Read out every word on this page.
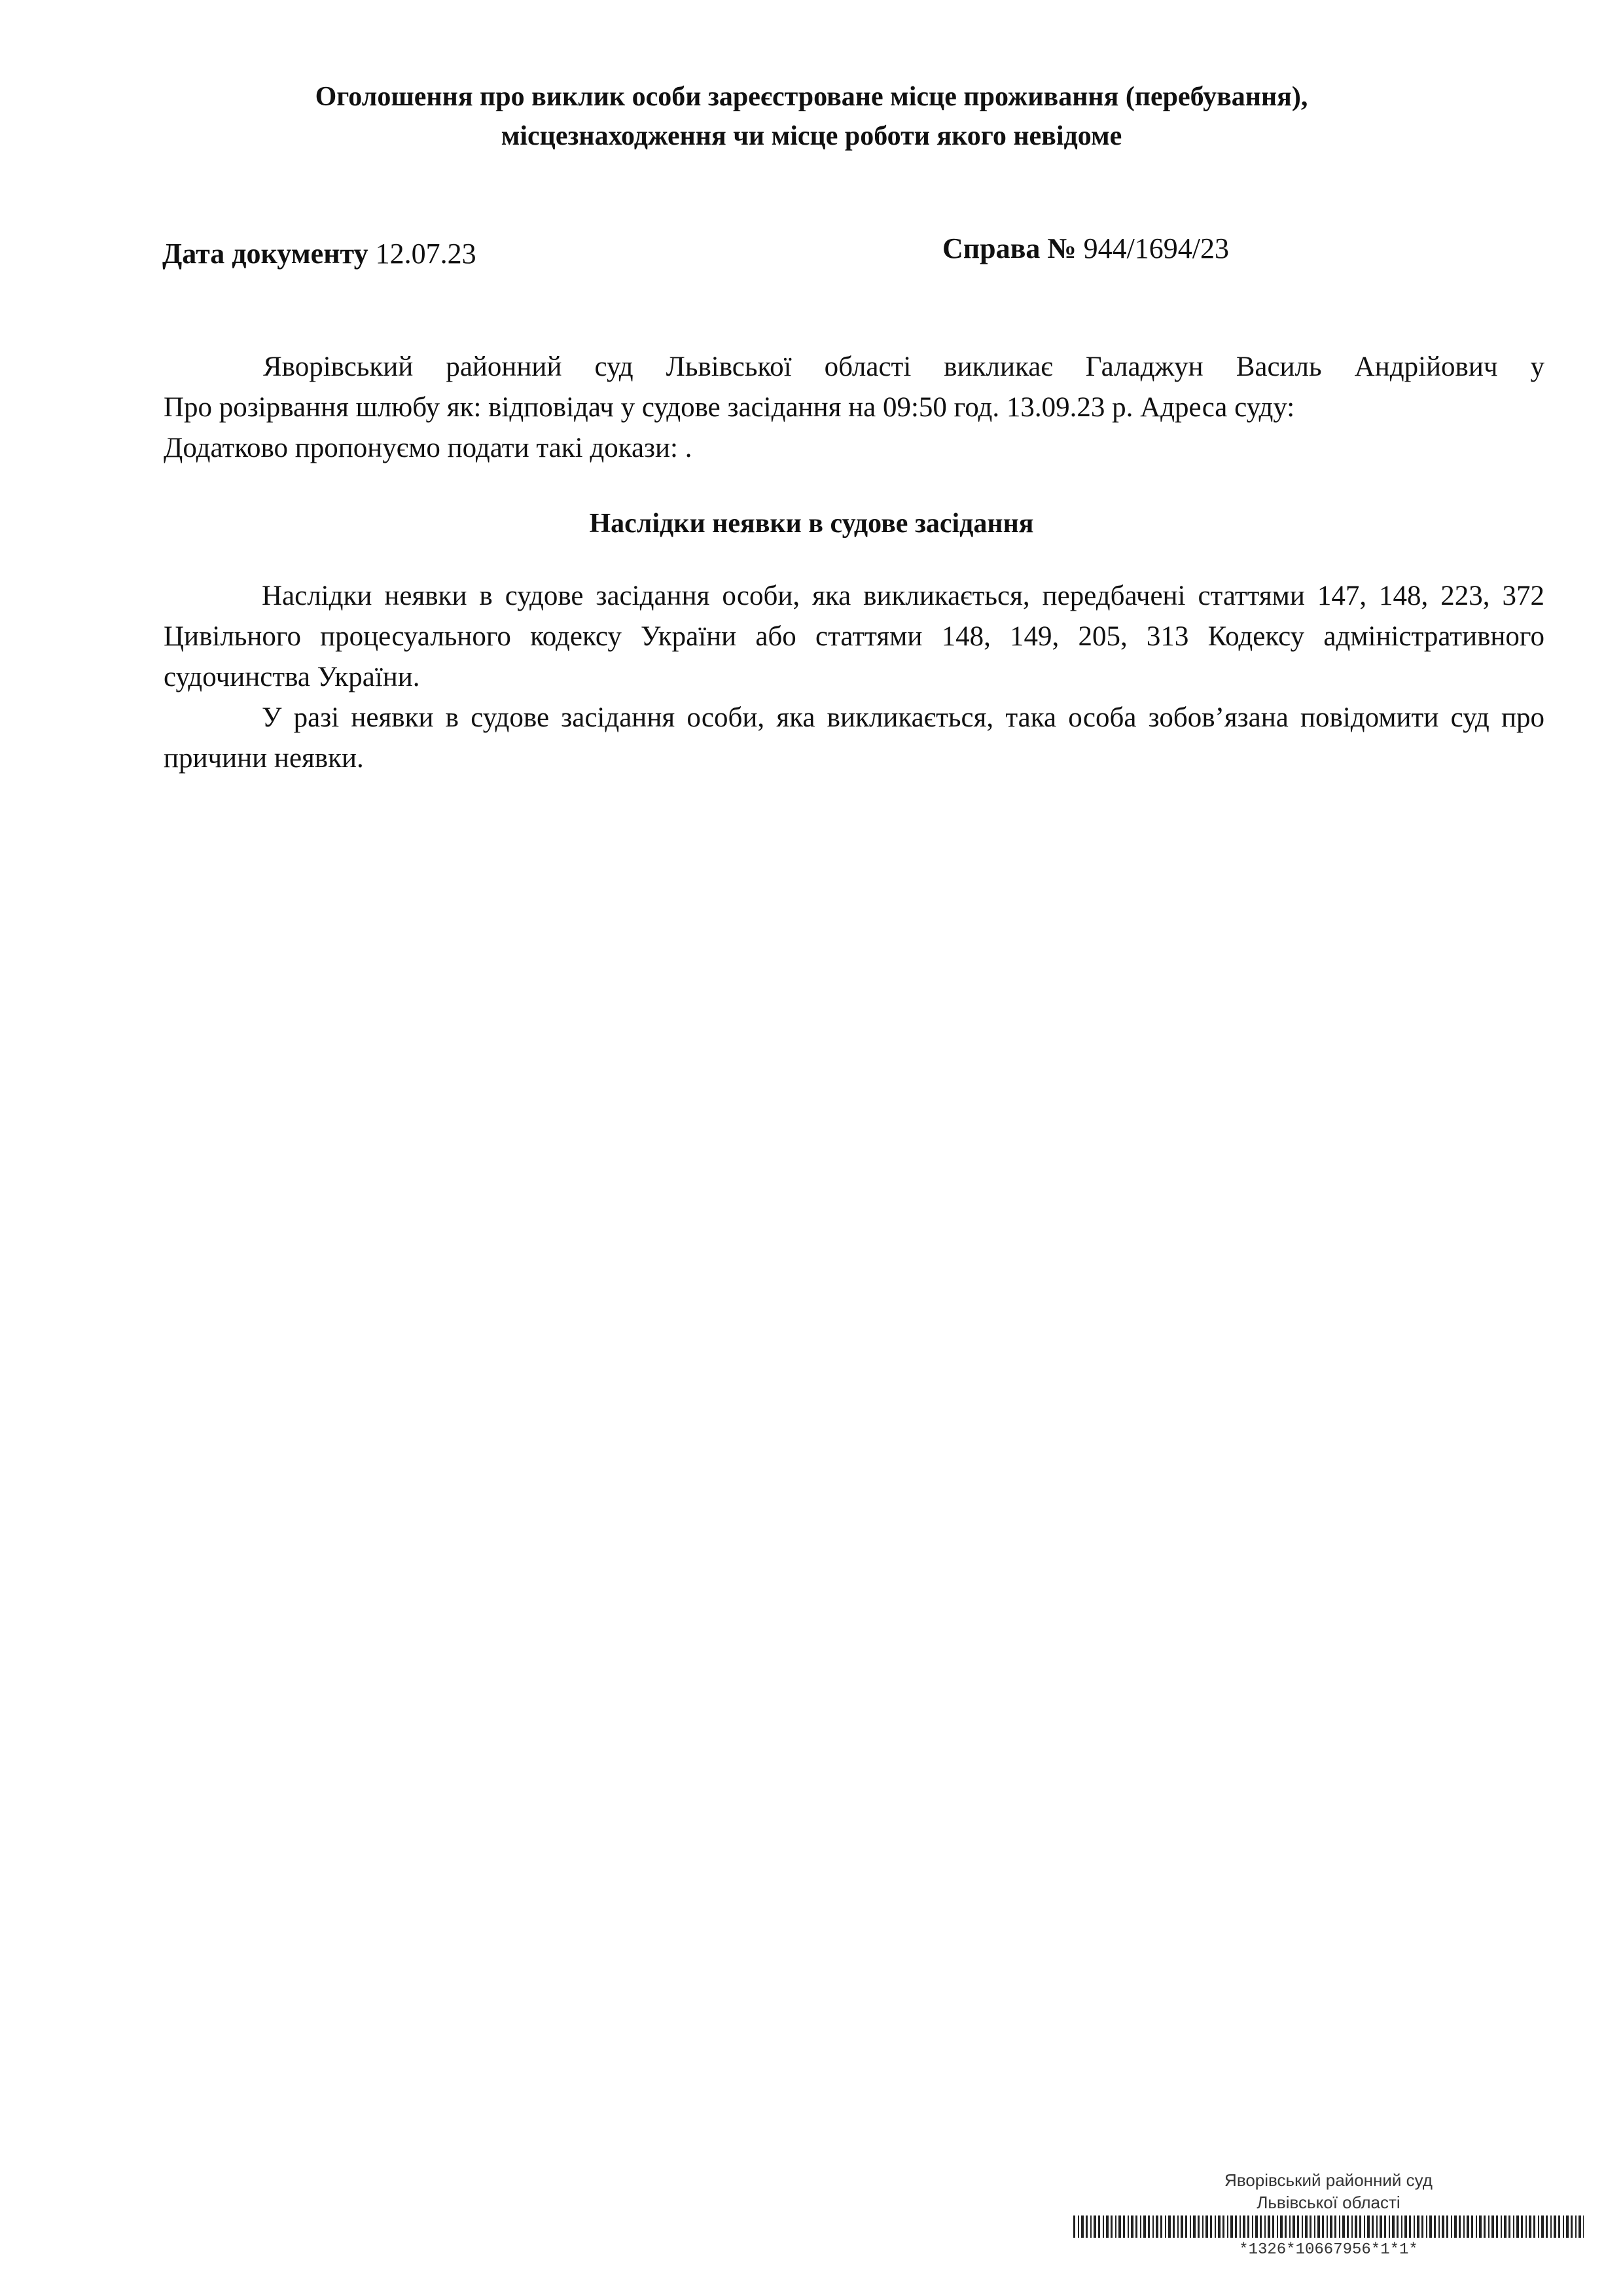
Оголошення про виклик особи зареєстроване місце проживання (перебування),
місцезнаходження чи місце роботи якого невідоме
Дата документу 12.07.23	Справа № 944/1694/23
Яворівський районний суд Львівської області викликає Галаджун Василь Андрійович у
Про розірвання шлюбу як: відповідач у судове засідання на 09:50 год. 13.09.23 р. Адреса суду:
Додатково пропонуємо подати такі докази: .
Наслідки неявки в судове засідання

Наслідки неявки в судове засідання особи, яка викликається, передбачені статтями 147, 148, 223, 372 Цивільного процесуального кодексу України або статтями 148, 149, 205, 313 Кодексу адміністративного судочинства України.

У разі неявки в судове засідання особи, яка викликається, така особа зобов’язана повідомити суд про причини неявки.

Яворівський районний суд
Львівської області
*1326*10667956*1*1*
